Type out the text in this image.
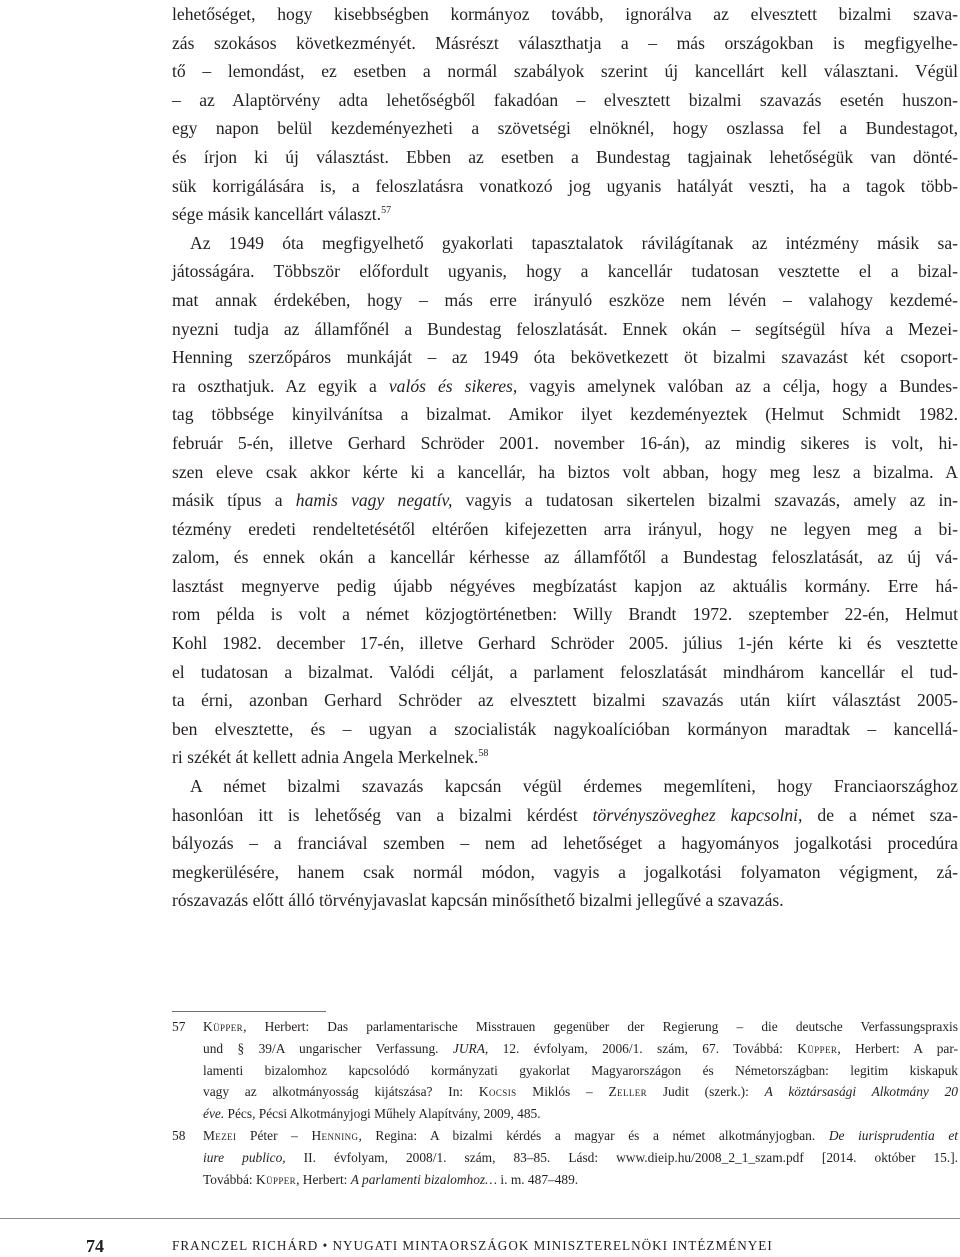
lehetőséget, hogy kisebbségben kormányoz tovább, ignorálva az elvesztett bizalmi szava-
zás szokásos következményét. Másrészt választhatja a – más országokban is megfigyelhe-
tő – lemondást, ez esetben a normál szabályok szerint új kancellárt kell választani. Végül
– az Alaptörvény adta lehetőségből fakadóan – elvesztett bizalmi szavazás esetén huszon-
egy napon belül kezdeményezheti a szövetségi elnöknél, hogy oszlassa fel a Bundestagot,
és írjon ki új választást. Ebben az esetben a Bundestag tagjainak lehetőségük van dönté-
sük korrigálására is, a feloszlatásra vonatkozó jog ugyanis hatályát veszti, ha a tagok több-
sége másik kancellárt választ.$^{57}$
Az 1949 óta megfigyelhető gyakorlati tapasztalatok rávilágítanak az intézmény másik sa-
játosságára. Többször előfordult ugyanis, hogy a kancellár tudatosan vesztette el a bizal-
mat annak érdekében, hogy – más erre irányuló eszköze nem lévén – valahogy kezdemé-
nyezni tudja az államfőnél a Bundestag feloszlatását. Ennek okán – segítségül híva a Mezei-
Henning szerzőpáros munkáját – az 1949 óta bekövetkezett öt bizalmi szavazást két csoport-
ra oszthatjuk. Az egyik a valós és sikeres, vagyis amelynek valóban az a célja, hogy a Bundes-
tag többsége kinyilvánítsa a bizalmat. Amikor ilyet kezdeményeztek (Helmut Schmidt 1982.
február 5-én, illetve Gerhard Schröder 2001. november 16-án), az mindig sikeres is volt, hi-
szen eleve csak akkor kérte ki a kancellár, ha biztos volt abban, hogy meg lesz a bizalma. A
másik típus a hamis vagy negatív, vagyis a tudatosan sikertelen bizalmi szavazás, amely az in-
tézmény eredeti rendeltetésétől eltérően kifejezetten arra irányul, hogy ne legyen meg a bi-
zalom, és ennek okán a kancellár kérhesse az államfőtől a Bundestag feloszlatását, az új vá-
lasztást megnyerve pedig újabb négyéves megbízatást kapjon az aktuális kormány. Erre há-
rom példa is volt a német közjogtörténetben: Willy Brandt 1972. szeptember 22-én, Helmut
Kohl 1982. december 17-én, illetve Gerhard Schröder 2005. július 1-jén kérte ki és vesztette
el tudatosan a bizalmat. Valódi célját, a parlament feloszlatását mindhárom kancellár el tud-
ta érni, azonban Gerhard Schröder az elvesztett bizalmi szavazás után kiírt választást 2005-
ben elvesztette, és – ugyan a szocialisták nagykoalícióban kormányon maradtak – kancellá-
ri székét át kellett adnia Angela Merkelnek.$^{58}$
A német bizalmi szavazás kapcsán végül érdemes megemlíteni, hogy Franciaországhoz
hasonlóan itt is lehetőség van a bizalmi kérdést törvényszöveghez kapcsolni, de a német sza-
bályozás – a franciával szemben – nem ad lehetőséget a hagyományos jogalkotási procedúra
megkerülésére, hanem csak normál módon, vagyis a jogalkotási folyamaton végigment, zá-
rószavazás előtt álló törvényjavaslat kapcsán minősíthető bizalmi jellegűvé a szavazás.
57 Küpper, Herbert: Das parlamentarische Misstrauen gegenüber der Regierung – die deutsche Verfassungspraxis
und § 39/A ungarischer Verfassung. JURA, 12. évfolyam, 2006/1. szám, 67. Továbbá: Küpper, Herbert: A par-
lamenti bizalomhoz kapcsolódó kormányzati gyakorlat Magyarországon és Németországban: legitim kiskapuk
vagy az alkotmányosság kijátszása? In: Kocsis Miklós – Zeller Judit (szerk.): A köztársasági Alkotmány 20
éve. Pécs, Pécsi Alkotmányjogi Műhely Alapítvány, 2009, 485.
58 Mezei Péter – Henning, Regina: A bizalmi kérdés a magyar és a német alkotmányjogban. De iurisprudentia et
iure publico, II. évfolyam, 2008/1. szám, 83–85. Lásd: www.dieip.hu/2008_2_1_szam.pdf [2014. október 15.].
Továbbá: Küpper, Herbert: A parlamenti bizalomhoz… i. m. 487–489.
74	FRANCZEL RICHÁRD • NYUGATI MINTAORSZÁGOK MINISZTERELNÖKI INTÉZMÉNYEI
